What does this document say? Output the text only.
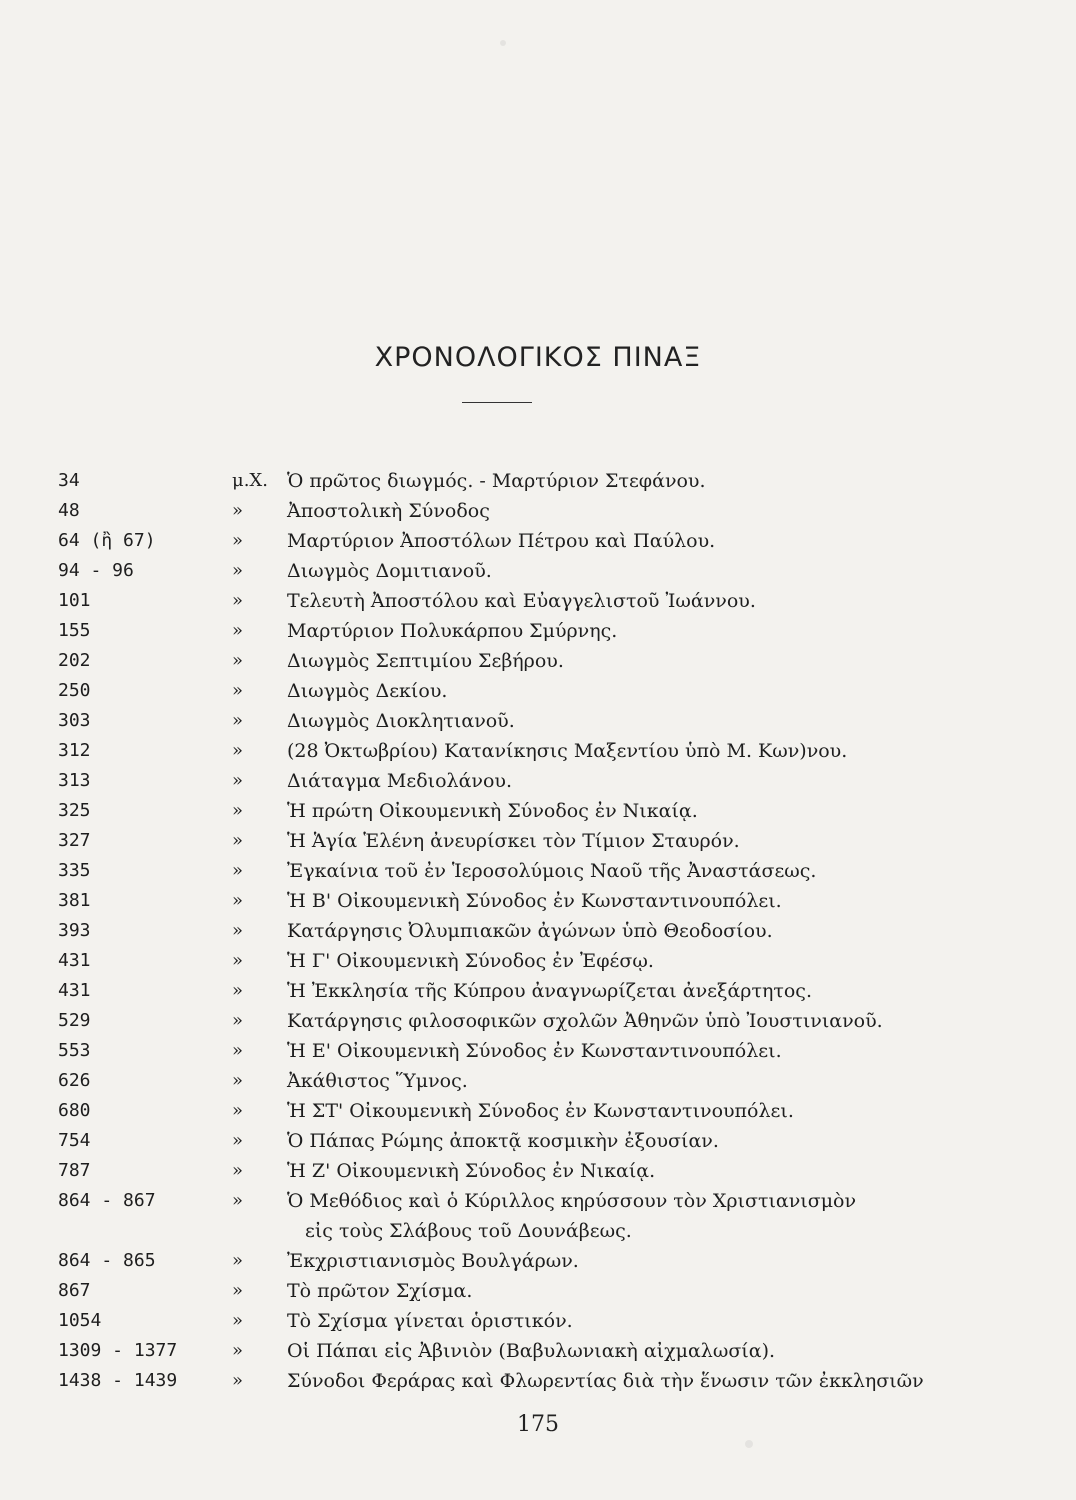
ΧΡΟΝΟΛΟΓΙΚΟΣ ΠΙΝΑΞ
34	μ.Χ. Ὁ πρῶτος διωγμός. - Μαρτύριον Στεφάνου.
48	»	Ἀποστολικὴ Σύνοδος
64 (ἢ 67)	»	Μαρτύριον Ἀποστόλων Πέτρου καὶ Παύλου.
94 - 96	»	Διωγμὸς Δομιτιανοῦ.
101	»	Τελευτὴ Ἀποστόλου καὶ Εὐαγγελιστοῦ Ἰωάννου.
155	»	Μαρτύριον Πολυκάρπου Σμύρνης.
202	»	Διωγμὸς Σεπτιμίου Σεβήρου.
250	»	Διωγμὸς Δεκίου.
303	»	Διωγμὸς Διοκλητιανοῦ.
312	»	(28 Ὀκτωβρίου) Κατανίκησις Μαξεντίου ὑπὸ Μ. Κων)νου.
313	»	Διάταγμα Μεδιολάνου.
325	»	Ἡ πρώτη Οἰκουμενικὴ Σύνοδος ἐν Νικαίᾳ.
327	»	Ἡ Ἁγία Ἑλένη ἀνευρίσκει τὸν Τίμιον Σταυρόν.
335	»	Ἐγκαίνια τοῦ ἐν Ἱεροσολύμοις Ναοῦ τῆς Ἀναστάσεως.
381	»	Ἡ Β' Οἰκουμενικὴ Σύνοδος ἐν Κωνσταντινουπόλει.
393	»	Κατάργησις Ὀλυμπιακῶν ἀγώνων ὑπὸ Θεοδοσίου.
431	»	Ἡ Γ' Οἰκουμενικὴ Σύνοδος ἐν Ἐφέσῳ.
431	»	Ἡ Ἐκκλησία τῆς Κύπρου ἀναγνωρίζεται ἀνεξάρτητος.
529	»	Κατάργησις φιλοσοφικῶν σχολῶν Ἀθηνῶν ὑπὸ Ἰουστινιανοῦ.
553	»	Ἡ Ε' Οἰκουμενικὴ Σύνοδος ἐν Κωνσταντινουπόλει.
626	»	Ἀκάθιστος Ὕμνος.
680	»	Ἡ ΣΤ' Οἰκουμενικὴ Σύνοδος ἐν Κωνσταντινουπόλει.
754	»	Ὁ Πάπας Ρώμης ἀποκτᾷ κοσμικὴν ἐξουσίαν.
787	»	Ἡ Ζ' Οἰκουμενικὴ Σύνοδος ἐν Νικαίᾳ.
864 - 867	»	Ὁ Μεθόδιος καὶ ὁ Κύριλλος κηρύσσουν τὸν Χριστιανισμὸν
εἰς τοὺς Σλάβους τοῦ Δουνάβεως.
864 - 865	»	Ἐκχριστιανισμὸς Βουλγάρων.
867	»	Τὸ πρῶτον Σχίσμα.
1054	»	Τὸ Σχίσμα γίνεται ὁριστικόν.
1309 - 1377	»	Οἱ Πάπαι εἰς Ἀβινιὸν (Βαβυλωνιακὴ αἰχμαλωσία).
1438 - 1439	»	Σύνοδοι Φεράρας καὶ Φλωρεντίας διὰ τὴν ἕνωσιν τῶν ἐκκλησιῶν
175
